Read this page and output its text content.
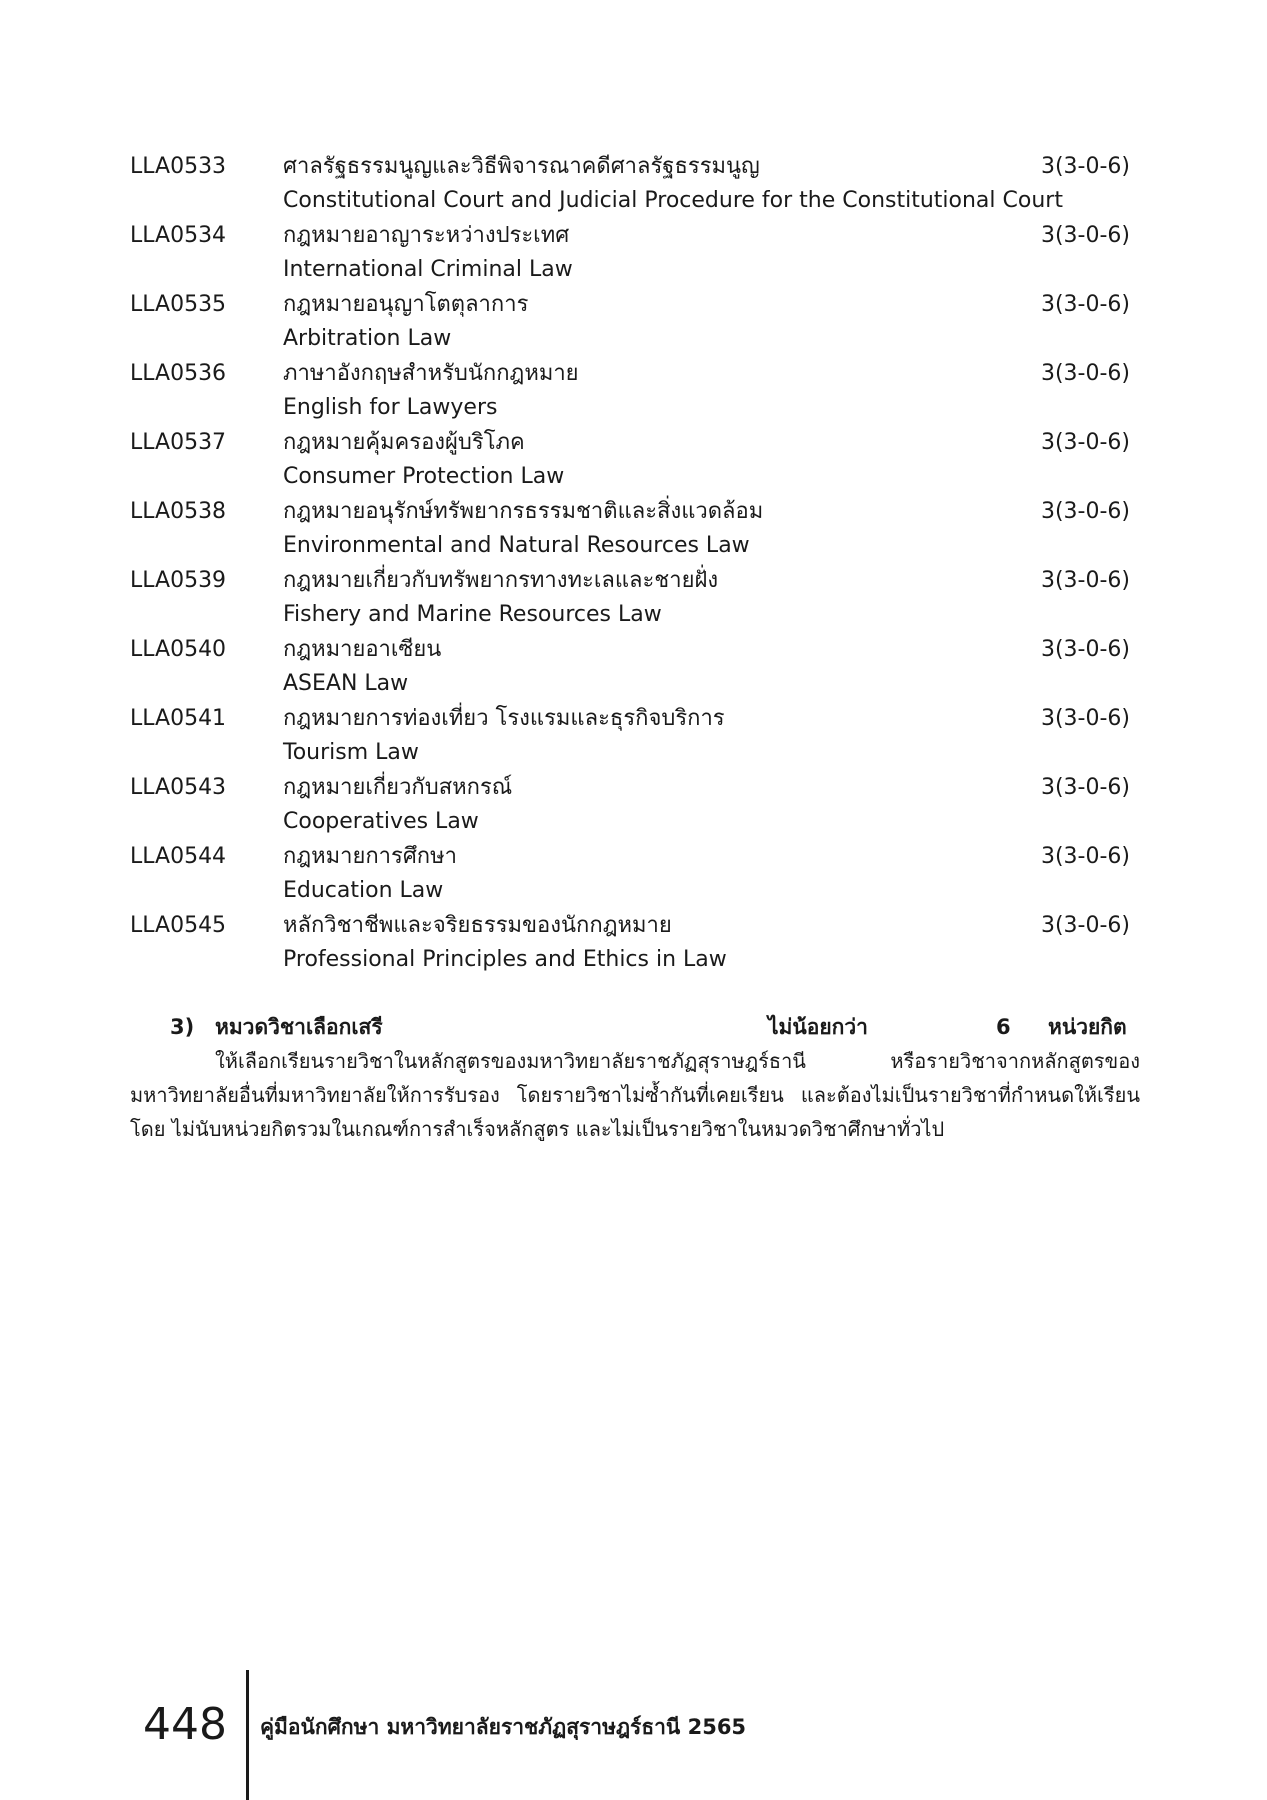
LLA0533	ศาลรัฐธรรมนูญและวิธีพิจารณาคดีศาลรัฐธรรมนูญ	3(3-0-6)
Constitutional Court and Judicial Procedure for the Constitutional Court
LLA0534	กฎหมายอาญาระหว่างประเทศ	3(3-0-6)
International Criminal Law
LLA0535	กฎหมายอนุญาโตตุลาการ	3(3-0-6)
Arbitration Law
LLA0536	ภาษาอังกฤษสำหรับนักกฎหมาย	3(3-0-6)
English for Lawyers
LLA0537	กฎหมายคุ้มครองผู้บริโภค	3(3-0-6)
Consumer Protection Law
LLA0538	กฎหมายอนุรักษ์ทรัพยากรธรรมชาติและสิ่งแวดล้อม	3(3-0-6)
Environmental and Natural Resources Law
LLA0539	กฎหมายเกี่ยวกับทรัพยากรทางทะเลและชายฝั่ง	3(3-0-6)
Fishery and Marine Resources Law
LLA0540	กฎหมายอาเซียน	3(3-0-6)
ASEAN Law
LLA0541	กฎหมายการท่องเที่ยว โรงแรมและธุรกิจบริการ	3(3-0-6)
Tourism Law
LLA0543	กฎหมายเกี่ยวกับสหกรณ์	3(3-0-6)
Cooperatives Law
LLA0544	กฎหมายการศึกษา	3(3-0-6)
Education Law
LLA0545	หลักวิชาชีพและจริยธรรมของนักกฎหมาย	3(3-0-6)
Professional Principles and Ethics in Law
3) หมวดวิชาเลือกเสรี	ไม่น้อยกว่า	6 หน่วยกิต
ให้เลือกเรียนรายวิชาในหลักสูตรของมหาวิทยาลัยราชภัฏสุราษฎร์ธานี หรือรายวิชาจากหลักสูตรของมหาวิทยาลัยอื่นที่มหาวิทยาลัยให้การรับรอง โดยรายวิชาไม่ซ้ำกันที่เคยเรียน และต้องไม่เป็นรายวิชาที่กำหนดให้เรียนโดย ไม่นับหน่วยกิตรวมในเกณฑ์การสำเร็จหลักสูตร และไม่เป็นรายวิชาในหมวดวิชาศึกษาทั่วไป
448 คู่มือนักศึกษา มหาวิทยาลัยราชภัฏสุราษฎร์ธานี 2565
